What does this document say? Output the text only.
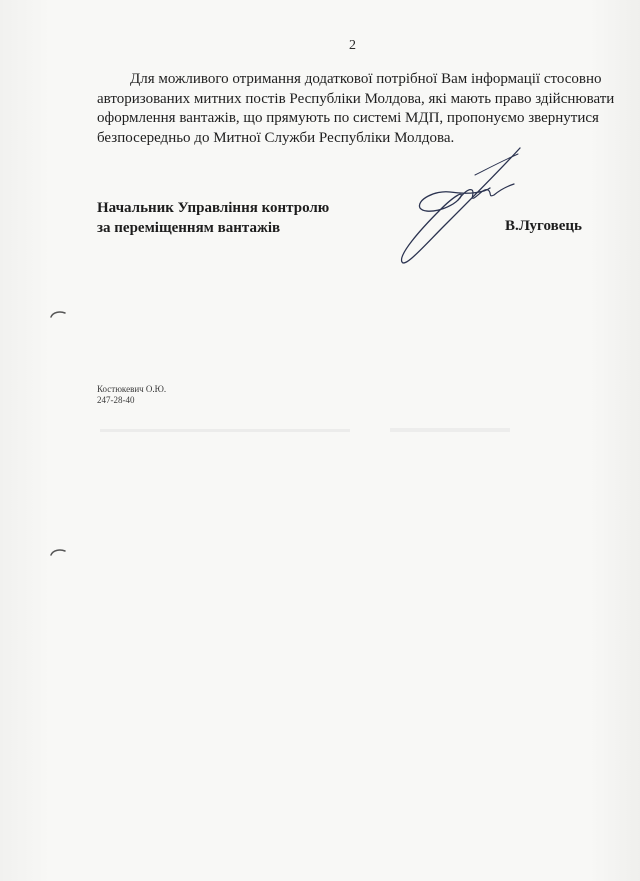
2
Для можливого отримання додаткової потрібної Вам інформації стосовно
авторизованих митних постів Республіки Молдова, які мають право здійснювати
оформлення вантажів, що прямують по системі МДП, пропонуємо звернутися
безпосередньо до Митної Служби Республіки Молдова.
Начальник Управління контролю
за переміщенням вантажів	В.Луговець
Костюкевич О.Ю.
247-28-40
